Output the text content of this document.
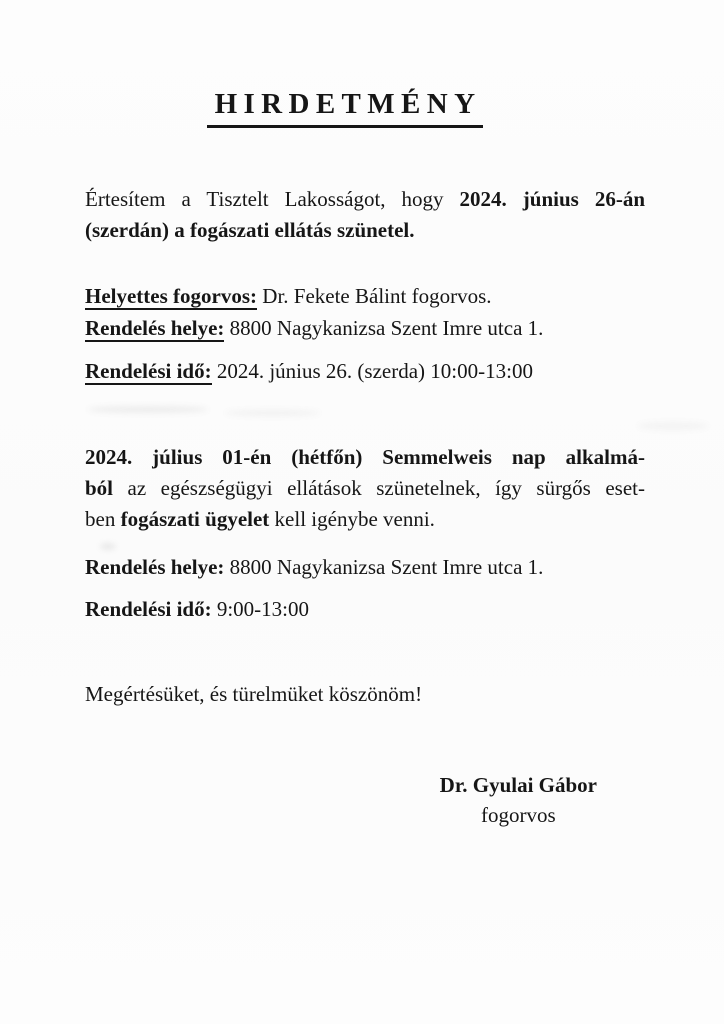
HIRDETMÉNY
Értesítem a Tisztelt Lakosságot, hogy 2024. június 26-án
(szerdán) a fogászati ellátás szünetel.
Helyettes fogorvos: Dr. Fekete Bálint fogorvos.
Rendelés helye: 8800 Nagykanizsa Szent Imre utca 1.
Rendelési idő: 2024. június 26. (szerda) 10:00-13:00
2024. július 01-én (hétfőn) Semmelweis nap alkalmá-
ból az egészségügyi ellátások szünetelnek, így sürgős eset-
ben fogászati ügyelet kell igénybe venni.
Rendelés helye: 8800 Nagykanizsa Szent Imre utca 1.
Rendelési idő: 9:00-13:00
Megértésüket, és türelmüket köszönöm!
Dr. Gyulai Gábor
fogorvos
